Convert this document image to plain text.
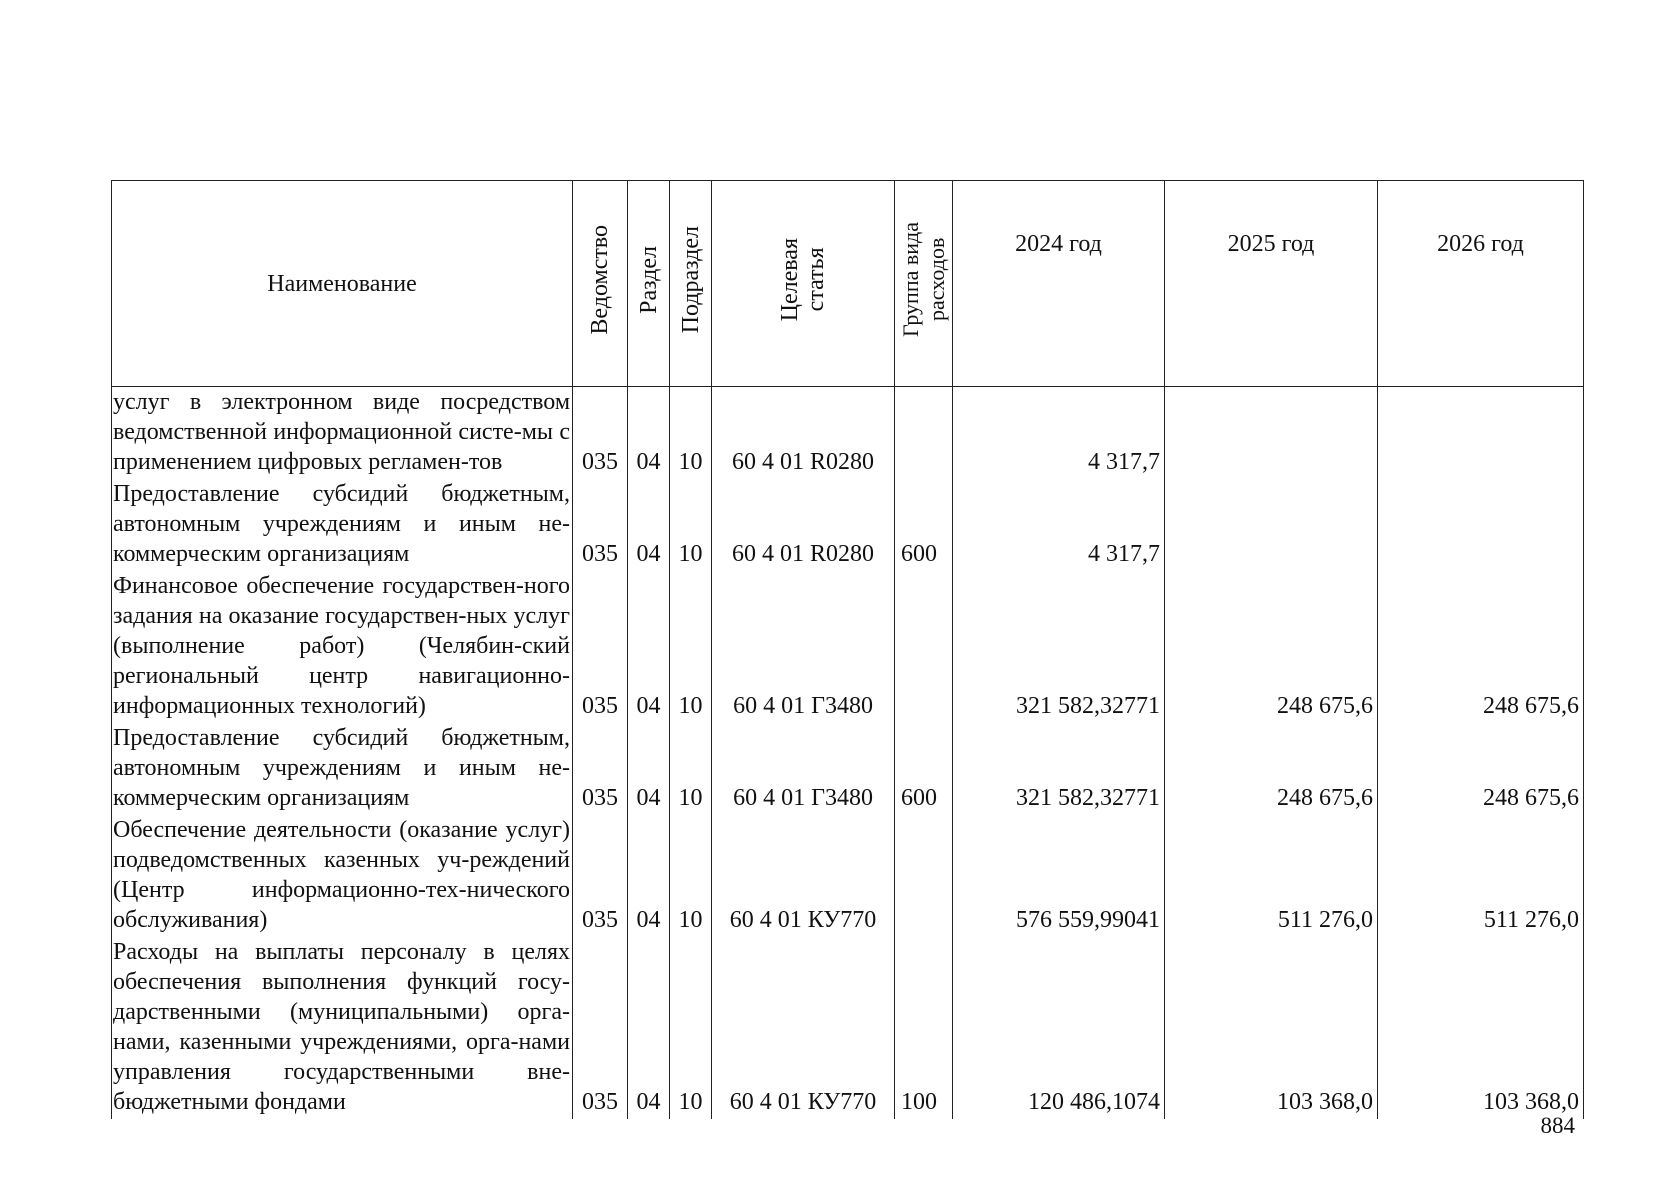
Наименование	Ведомство	Раздел	Подраздел	Целевая статья	Группа вида расходов	2024 год	2025 год	2026 год
услуг в электронном виде посредством ведомственной информационной систе-мы с применением цифровых регламен-тов	035	04	10	60 4 01 R0280		4 317,7		
Предоставление субсидий бюджетным, автономным учреждениям и иным не-коммерческим организациям	035	04	10	60 4 01 R0280	600	4 317,7		
Финансовое обеспечение государствен-ного задания на оказание государствен-ных услуг (выполнение работ) (Челябин-ский региональный центр навигационно-информационных технологий)	035	04	10	60 4 01 Г3480		321 582,32771	248 675,6	248 675,6
Предоставление субсидий бюджетным, автономным учреждениям и иным не-коммерческим организациям	035	04	10	60 4 01 Г3480	600	321 582,32771	248 675,6	248 675,6
Обеспечение деятельности (оказание услуг) подведомственных казенных уч-реждений (Центр информационно-тех-нического обслуживания)	035	04	10	60 4 01 КУ770		576 559,99041	511 276,0	511 276,0
Расходы на выплаты персоналу в целях обеспечения выполнения функций госу-дарственными (муниципальными) орга-нами, казенными учреждениями, орга-нами управления государственными вне-бюджетными фондами	035	04	10	60 4 01 КУ770	100	120 486,1074	103 368,0	103 368,0
884
